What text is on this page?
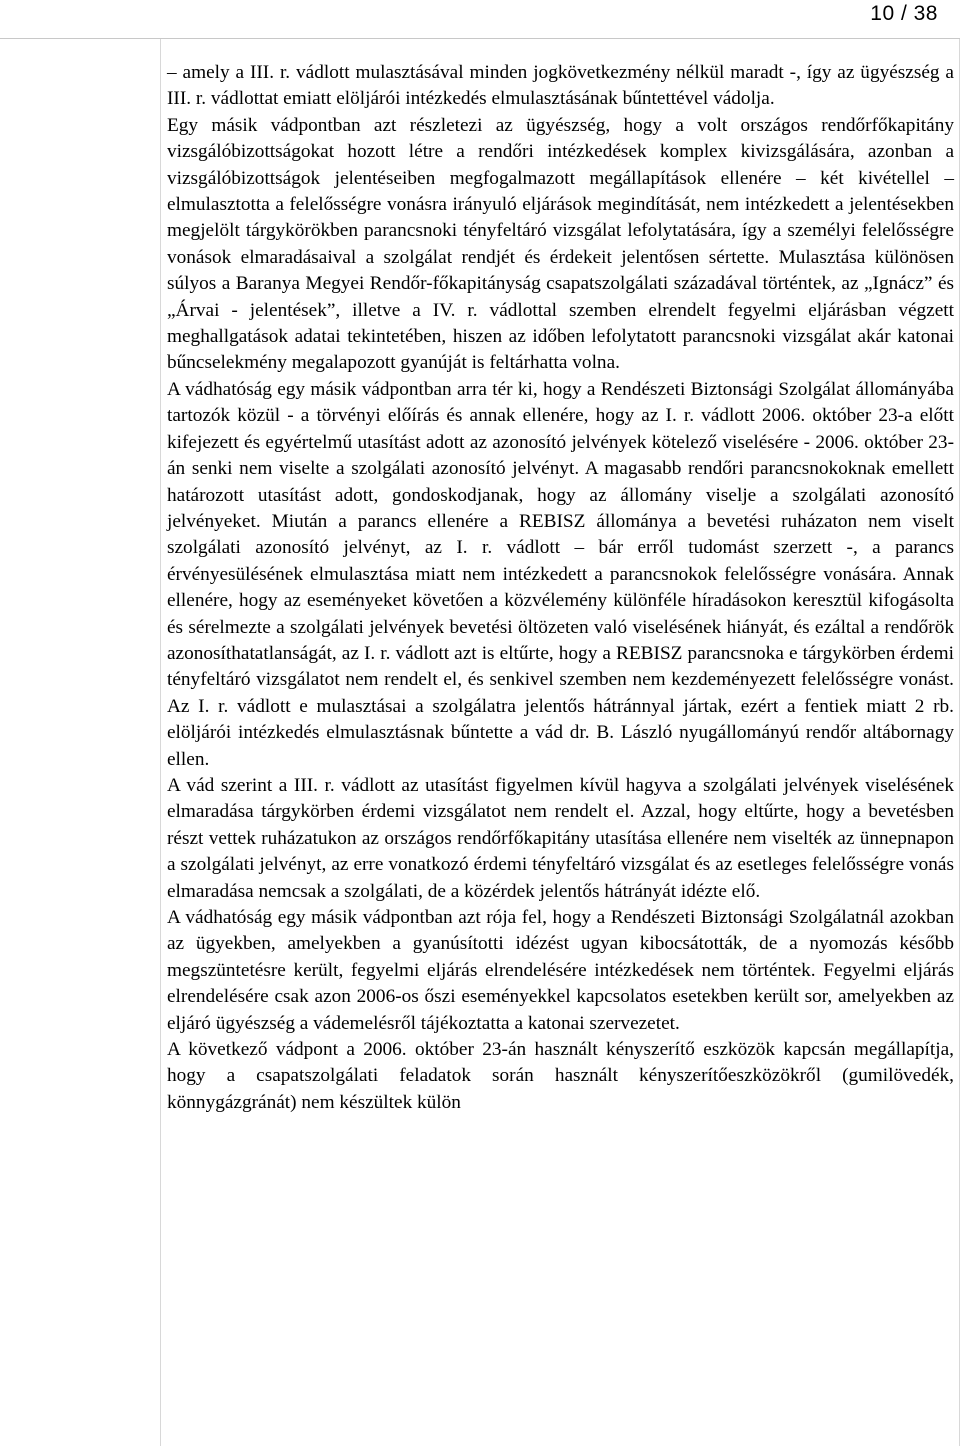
10 / 38

– amely a III. r. vádlott mulasztásával minden jogkövetkezmény nélkül maradt -, így az ügyészség a III. r. vádlottat emiatt elöljárói intézkedés elmulasztásának bűntettével vádolja.

Egy másik vádpontban azt részletezi az ügyészség, hogy a volt országos rendőrfőkapitány vizsgálóbizottságokat hozott létre a rendőri intézkedések komplex kivizsgálására, azonban a vizsgálóbizottságok jelentéseiben megfogalmazott megállapítások ellenére – két kivétellel – elmulasztotta a felelősségre vonásra irányuló eljárások megindítását, nem intézkedett a jelentésekben megjelölt tárgykörökben parancsnoki tényfeltáró vizsgálat lefolytatására, így a személyi felelősségre vonások elmaradásaival a szolgálat rendjét és érdekeit jelentősen sértette. Mulasztása különösen súlyos a Baranya Megyei Rendőr-főkapitányság csapatszolgálati századával történtek, az „Ignácz” és „Árvai - jelentések”, illetve a IV. r. vádlottal szemben elrendelt fegyelmi eljárásban végzett meghallgatások adatai tekintetében, hiszen az időben lefolytatott parancsnoki vizsgálat akár katonai bűncselekmény megalapozott gyanúját is feltárhatta volna.

A vádhatóság egy másik vádpontban arra tér ki, hogy a Rendészeti Biztonsági Szolgálat állományába tartozók közül - a törvényi előírás és annak ellenére, hogy az I. r. vádlott 2006. október 23-a előtt kifejezett és egyértelmű utasítást adott az azonosító jelvények kötelező viselésére - 2006. október 23-án senki nem viselte a szolgálati azonosító jelvényt. A magasabb rendőri parancsnokoknak emellett határozott utasítást adott, gondoskodjanak, hogy az állomány viselje a szolgálati azonosító jelvényeket. Miután a parancs ellenére a REBISZ állománya a bevetési ruházaton nem viselt szolgálati azonosító jelvényt, az I. r. vádlott – bár erről tudomást szerzett -, a parancs érvényesülésének elmulasztása miatt nem intézkedett a parancsnokok felelősségre vonására. Annak ellenére, hogy az eseményeket követően a közvélemény különféle híradásokon keresztül kifogásolta és sérelmezte a szolgálati jelvények bevetési öltözeten való viselésének hiányát, és ezáltal a rendőrök azonosíthatatlanságát, az I. r. vádlott azt is eltűrte, hogy a REBISZ parancsnoka e tárgykörben érdemi tényfeltáró vizsgálatot nem rendelt el, és senkivel szemben nem kezdeményezett felelősségre vonást. Az I. r. vádlott e mulasztásai a szolgálatra jelentős hátránnyal jártak, ezért a fentiek miatt 2 rb. elöljárói intézkedés elmulasztásnak bűntette a vád dr. B. László nyugállományú rendőr altábornagy ellen.

A vád szerint a III. r. vádlott az utasítást figyelmen kívül hagyva a szolgálati jelvények viselésének elmaradása tárgykörben érdemi vizsgálatot nem rendelt el. Azzal, hogy eltűrte, hogy a bevetésben részt vettek ruházatukon az országos rendőrfőkapitány utasítása ellenére nem viselték az ünnepnapon a szolgálati jelvényt, az erre vonatkozó érdemi tényfeltáró vizsgálat és az esetleges felelősségre vonás elmaradása nemcsak a szolgálati, de a közérdek jelentős hátrányát idézte elő.

A vádhatóság egy másik vádpontban azt rója fel, hogy a Rendészeti Biztonsági Szolgálatnál azokban az ügyekben, amelyekben a gyanúsítotti idézést ugyan kibocsátották, de a nyomozás később megszüntetésre került, fegyelmi eljárás elrendelésére intézkedések nem történtek. Fegyelmi eljárás elrendelésére csak azon 2006-os őszi eseményekkel kapcsolatos esetekben került sor, amelyekben az eljáró ügyészség a vádemelésről tájékoztatta a katonai szervezetet.

A következő vádpont a 2006. október 23-án használt kényszerítő eszközök kapcsán megállapítja, hogy a csapatszolgálati feladatok során használt kényszerítőeszközökről (gumilövedék, könnygázgránát) nem készültek külön
